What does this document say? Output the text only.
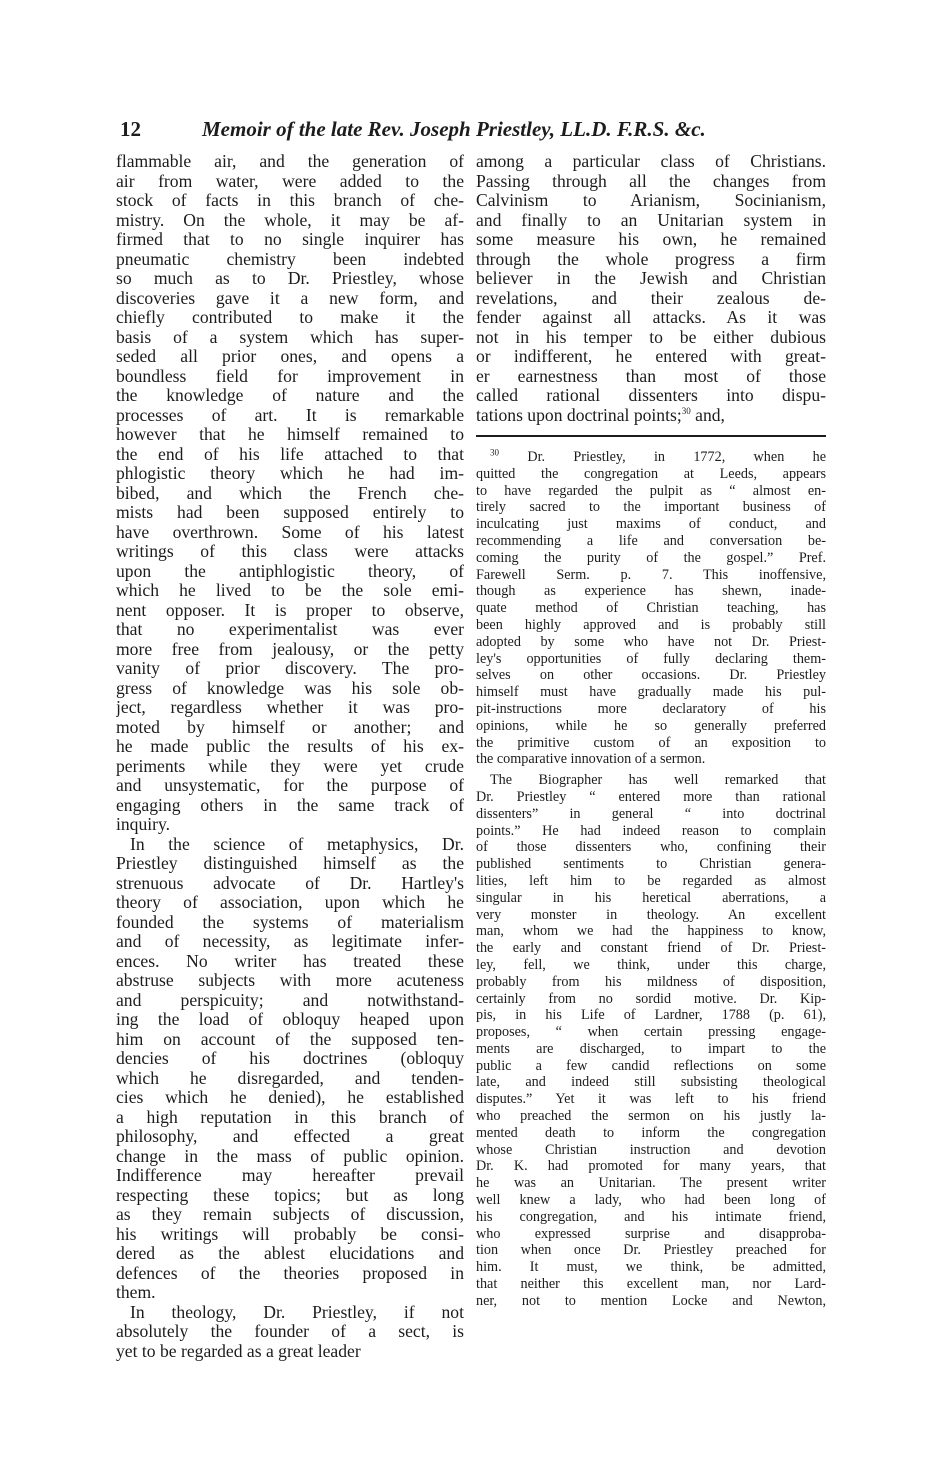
12	Memoir of the late Rev. Joseph Priestley, LL.D. F.R.S. &c.
flammable air, and the generation of
air from water, were added to the
stock of facts in this branch of che-
mistry. On the whole, it may be af-
firmed that to no single inquirer has
pneumatic chemistry been indebted
so much as to Dr. Priestley, whose
discoveries gave it a new form, and
chiefly contributed to make it the
basis of a system which has super-
seded all prior ones, and opens a
boundless field for improvement in
the knowledge of nature and the
processes of art. It is remarkable
however that he himself remained to
the end of his life attached to that
phlogistic theory which he had im-
bibed, and which the French che-
mists had been supposed entirely to
have overthrown. Some of his latest
writings of this class were attacks
upon the antiphlogistic theory, of
which he lived to be the sole emi-
nent opposer. It is proper to observe,
that no experimentalist was ever
more free from jealousy, or the petty
vanity of prior discovery. The pro-
gress of knowledge was his sole ob-
ject, regardless whether it was pro-
moted by himself or another; and
he made public the results of his ex-
periments while they were yet crude
and unsystematic, for the purpose of
engaging others in the same track of
inquiry.
In the science of metaphysics, Dr.
Priestley distinguished himself as the
strenuous advocate of Dr. Hartley's
theory of association, upon which he
founded the systems of materialism
and of necessity, as legitimate infer-
ences. No writer has treated these
abstruse subjects with more acuteness
and perspicuity; and notwithstand-
ing the load of obloquy heaped upon
him on account of the supposed ten-
dencies of his doctrines (obloquy
which he disregarded, and tenden-
cies which he denied), he established
a high reputation in this branch of
philosophy, and effected a great
change in the mass of public opinion.
Indifference may hereafter prevail
respecting these topics; but as long
as they remain subjects of discussion,
his writings will probably be consi-
dered as the ablest elucidations and
defences of the theories proposed in
them.
In theology, Dr. Priestley, if not
absolutely the founder of a sect, is
yet to be regarded as a great leader
among a particular class of Christians.
Passing through all the changes from
Calvinism to Arianism, Socinianism,
and finally to an Unitarian system in
some measure his own, he remained
through the whole progress a firm
believer in the Jewish and Christian
revelations, and their zealous de-
fender against all attacks. As it was
not in his temper to be either dubious
or indifferent, he entered with great-
er earnestness than most of those
called rational dissenters into dispu-
tations upon doctrinal points;$^{30}$ and,
$^{30}$ Dr. Priestley, in 1772, when he
quitted the congregation at Leeds, appears
to have regarded the pulpit as “ almost en-
tirely sacred to the important business of
inculcating just maxims of conduct, and
recommending a life and conversation be-
coming the purity of the gospel.” Pref.
Farewell Serm. p. 7. This inoffensive,
though as experience has shewn, inade-
quate method of Christian teaching, has
been highly approved and is probably still
adopted by some who have not Dr. Priest-
ley's opportunities of fully declaring them-
selves on other occasions. Dr. Priestley
himself must have gradually made his pul-
pit-instructions more declaratory of his
opinions, while he so generally preferred
the primitive custom of an exposition to
the comparative innovation of a sermon.
The Biographer has well remarked that
Dr. Priestley “ entered more than rational
dissenters” in general “ into doctrinal
points.” He had indeed reason to complain
of those dissenters who, confining their
published sentiments to Christian genera-
lities, left him to be regarded as almost
singular in his heretical aberrations, a
very monster in theology. An excellent
man, whom we had the happiness to know,
the early and constant friend of Dr. Priest-
ley, fell, we think, under this charge,
probably from his mildness of disposition,
certainly from no sordid motive. Dr. Kip-
pis, in his Life of Lardner, 1788 (p. 61),
proposes, “ when certain pressing engage-
ments are discharged, to impart to the
public a few candid reflections on some
late, and indeed still subsisting theological
disputes.” Yet it was left to his friend
who preached the sermon on his justly la-
mented death to inform the congregation
whose Christian instruction and devotion
Dr. K. had promoted for many years, that
he was an Unitarian. The present writer
well knew a lady, who had been long of
his congregation, and his intimate friend,
who expressed surprise and disapproba-
tion when once Dr. Priestley preached for
him. It must, we think, be admitted,
that neither this excellent man, nor Lard-
ner, not to mention Locke and Newton,
